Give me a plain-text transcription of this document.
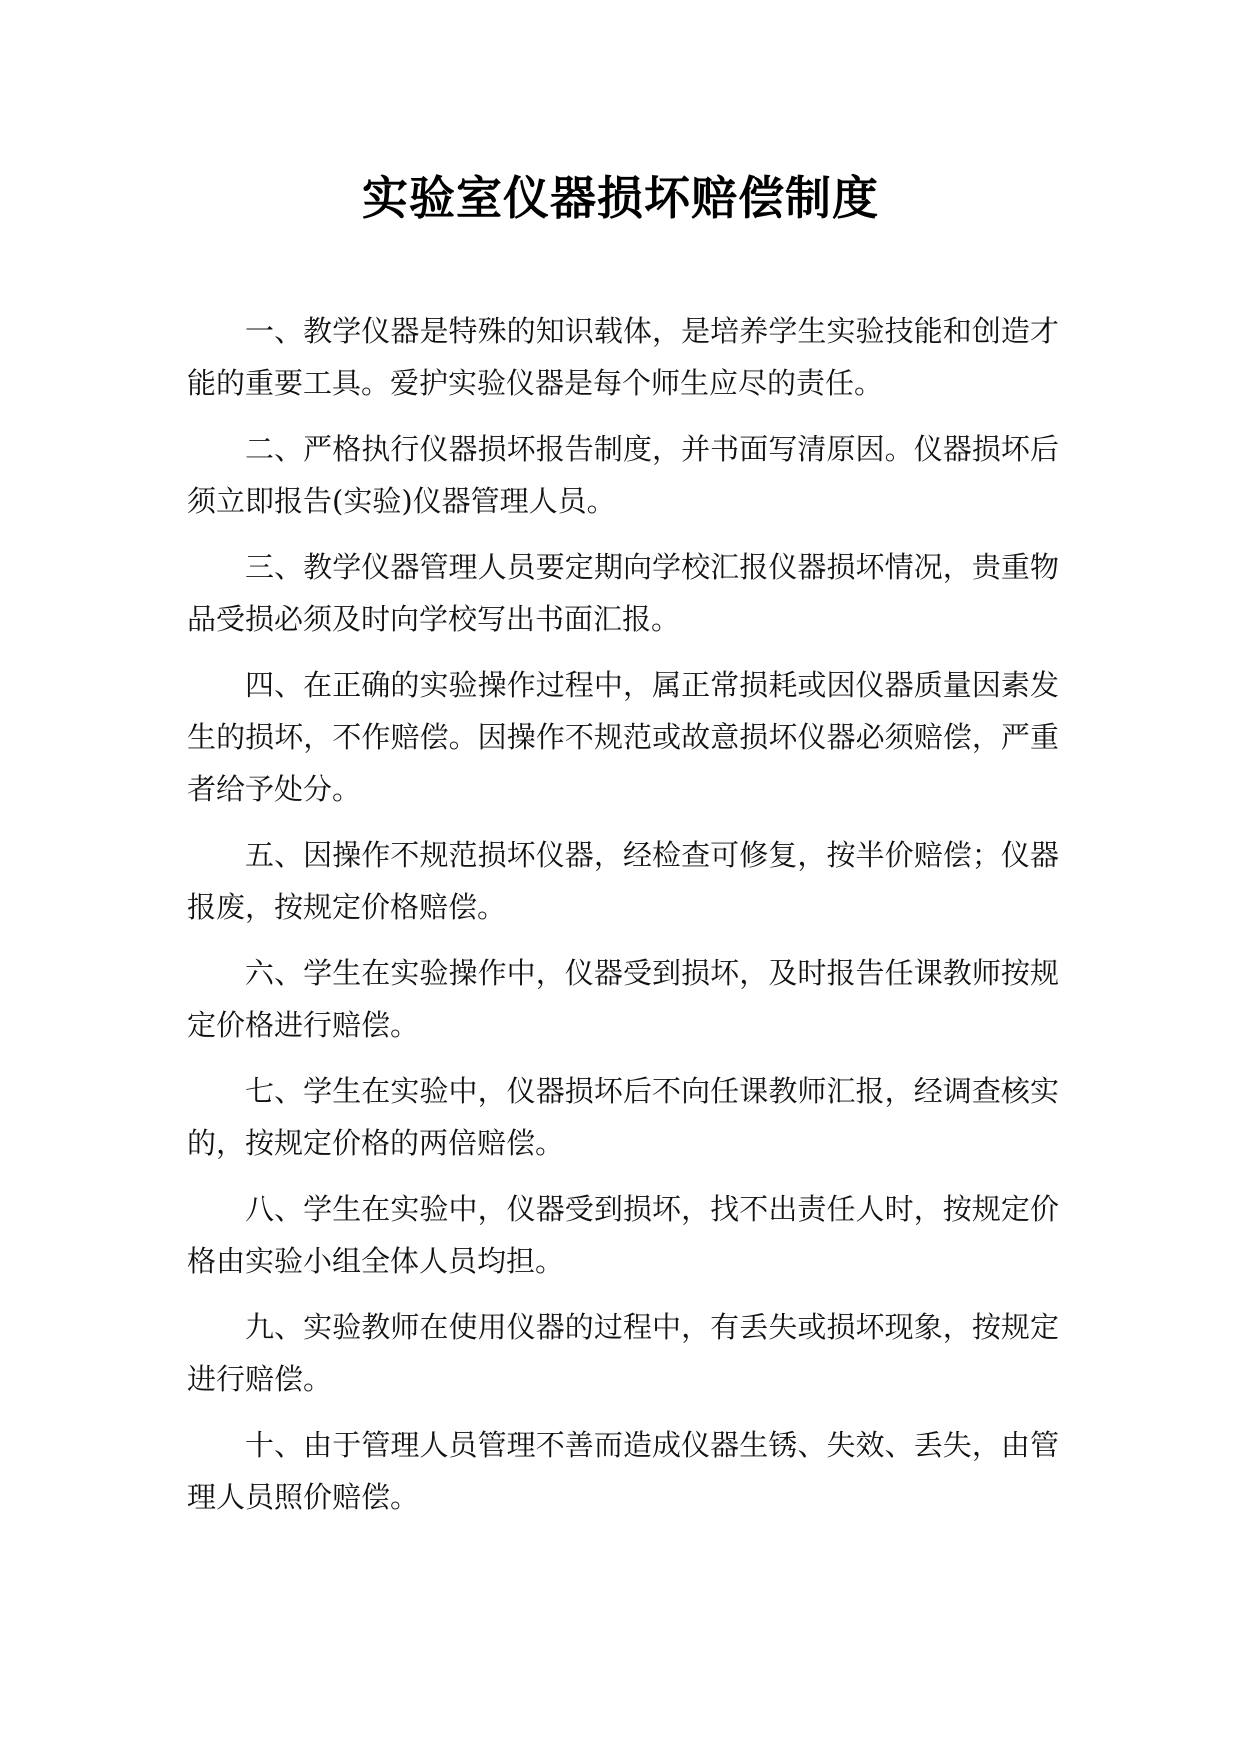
实验室仪器损坏赔偿制度

一、教学仪器是特殊的知识载体，是培养学生实验技能和创造才能的重要工具。爱护实验仪器是每个师生应尽的责任。

二、严格执行仪器损坏报告制度，并书面写清原因。仪器损坏后须立即报告(实验)仪器管理人员。

三、教学仪器管理人员要定期向学校汇报仪器损坏情况，贵重物品受损必须及时向学校写出书面汇报。

四、在正确的实验操作过程中，属正常损耗或因仪器质量因素发生的损坏，不作赔偿。因操作不规范或故意损坏仪器必须赔偿，严重者给予处分。

五、因操作不规范损坏仪器，经检查可修复，按半价赔偿；仪器报废，按规定价格赔偿。

六、学生在实验操作中，仪器受到损坏，及时报告任课教师按规定价格进行赔偿。

七、学生在实验中，仪器损坏后不向任课教师汇报，经调查核实的，按规定价格的两倍赔偿。

八、学生在实验中，仪器受到损坏，找不出责任人时，按规定价格由实验小组全体人员均担。

九、实验教师在使用仪器的过程中，有丢失或损坏现象，按规定进行赔偿。

十、由于管理人员管理不善而造成仪器生锈、失效、丢失，由管理人员照价赔偿。
